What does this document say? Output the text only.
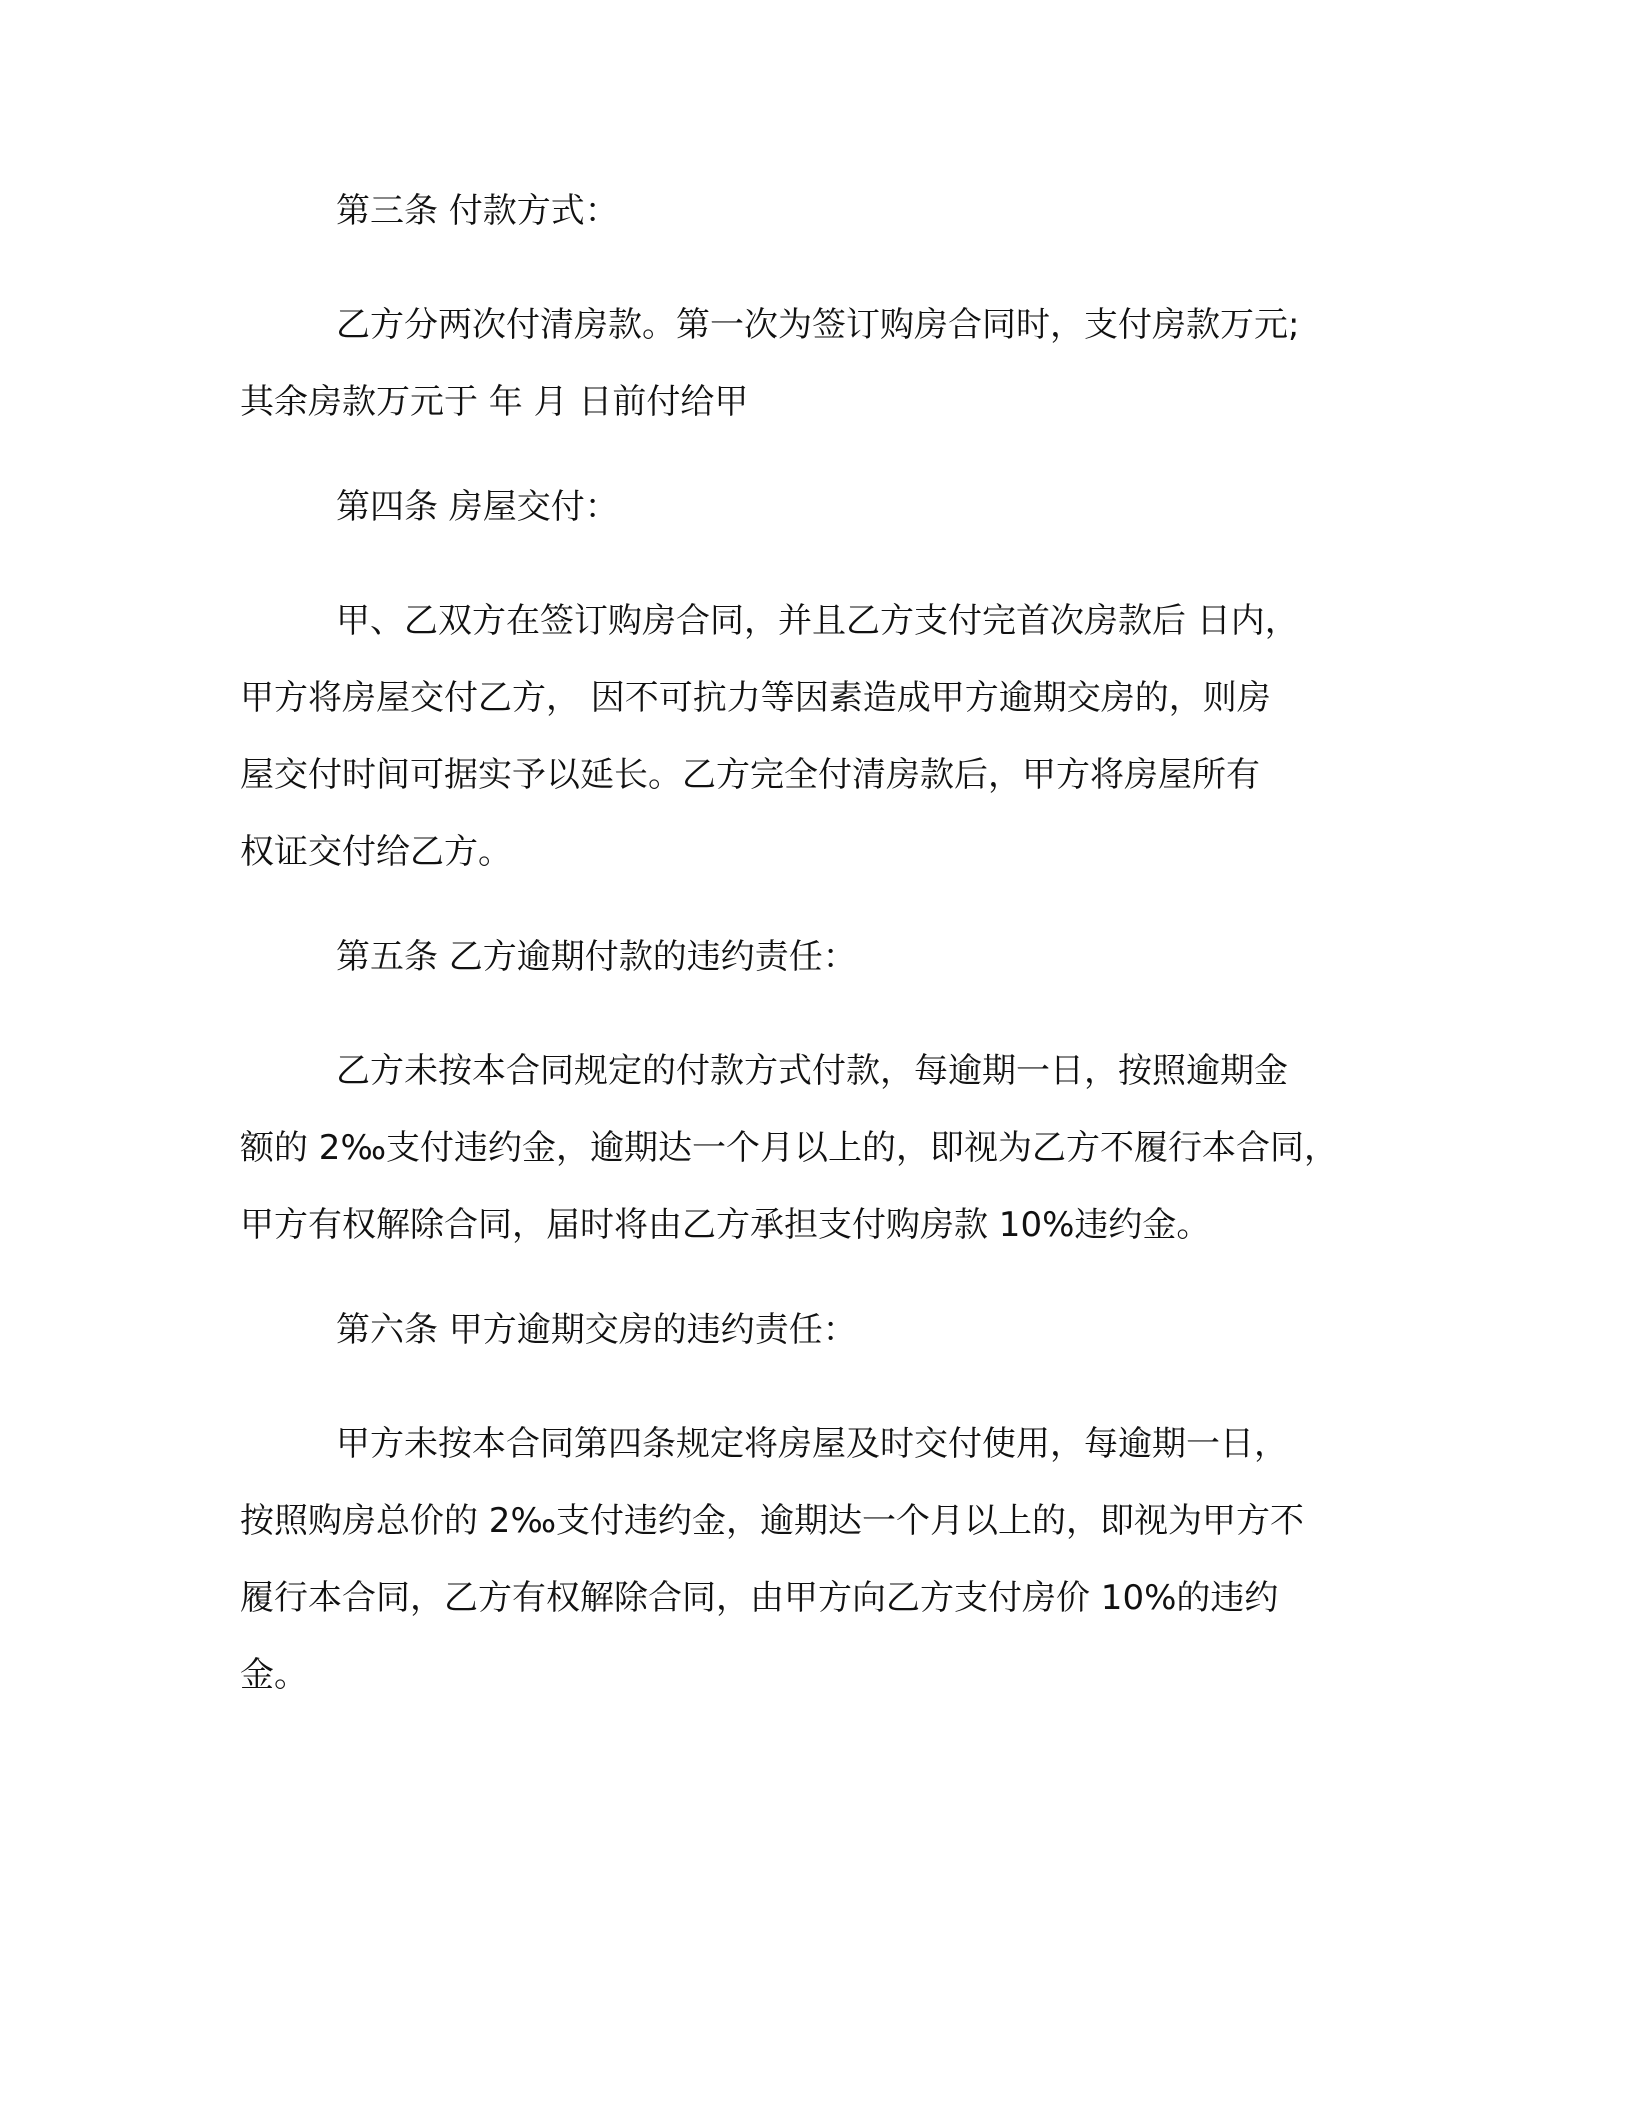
第三条 付款方式：

乙方分两次付清房款。第一次为签订购房合同时，支付房款万元;
其余房款万元于 年 月 日前付给甲

第四条 房屋交付：

甲、乙双方在签订购房合同，并且乙方支付完首次房款后 日内，
甲方将房屋交付乙方， 因不可抗力等因素造成甲方逾期交房的，则房
屋交付时间可据实予以延长。乙方完全付清房款后，甲方将房屋所有
权证交付给乙方。

第五条 乙方逾期付款的违约责任：

乙方未按本合同规定的付款方式付款，每逾期一日，按照逾期金
额的 2‰支付违约金，逾期达一个月以上的，即视为乙方不履行本合同，
甲方有权解除合同，届时将由乙方承担支付购房款 10%违约金。

第六条 甲方逾期交房的违约责任：

甲方未按本合同第四条规定将房屋及时交付使用，每逾期一日，
按照购房总价的 2‰支付违约金，逾期达一个月以上的，即视为甲方不
履行本合同，乙方有权解除合同，由甲方向乙方支付房价 10%的违约
金。
